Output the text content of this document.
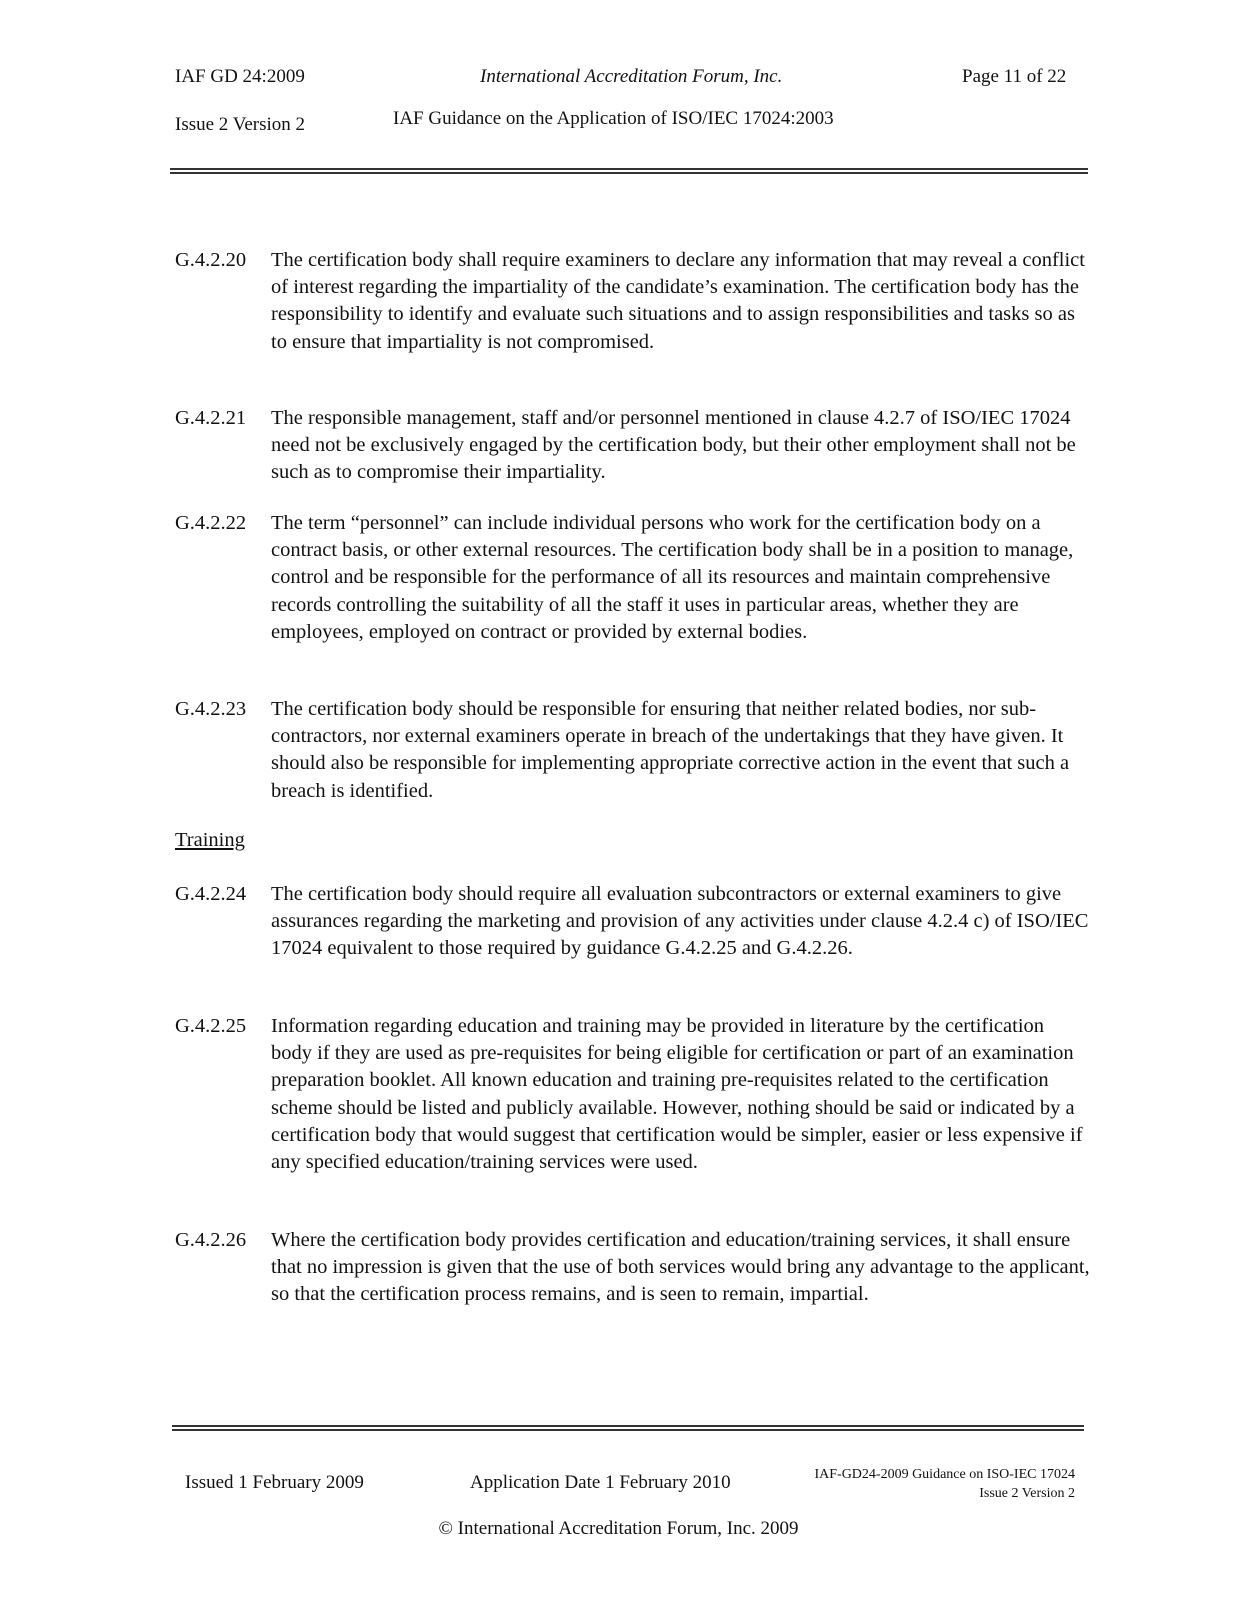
IAF GD 24:2009	International Accreditation Forum, Inc.	Page 11 of 22
Issue 2 Version 2	IAF Guidance on the Application of ISO/IEC 17024:2003
G.4.2.20	The certification body shall require examiners to declare any information that may reveal a conflict of interest regarding the impartiality of the candidate’s examination. The certification body has the responsibility to identify and evaluate such situations and to assign responsibilities and tasks so as to ensure that impartiality is not compromised.
G.4.2.21	The responsible management, staff and/or personnel mentioned in clause 4.2.7 of ISO/IEC 17024 need not be exclusively engaged by the certification body, but their other employment shall not be such as to compromise their impartiality.
G.4.2.22	The term “personnel” can include individual persons who work for the certification body on a contract basis, or other external resources. The certification body shall be in a position to manage, control and be responsible for the performance of all its resources and maintain comprehensive records controlling the suitability of all the staff it uses in particular areas, whether they are employees, employed on contract or provided by external bodies.
G.4.2.23	The certification body should be responsible for ensuring that neither related bodies, nor sub-contractors, nor external examiners operate in breach of the undertakings that they have given. It should also be responsible for implementing appropriate corrective action in the event that such a breach is identified.
Training
G.4.2.24	The certification body should require all evaluation subcontractors or external examiners to give assurances regarding the marketing and provision of any activities under clause 4.2.4 c) of ISO/IEC 17024 equivalent to those required by guidance G.4.2.25 and G.4.2.26.
G.4.2.25	Information regarding education and training may be provided in literature by the certification body if they are used as pre-requisites for being eligible for certification or part of an examination preparation booklet. All known education and training pre-requisites related to the certification scheme should be listed and publicly available. However, nothing should be said or indicated by a certification body that would suggest that certification would be simpler, easier or less expensive if any specified education/training services were used.
G.4.2.26	Where the certification body provides certification and education/training services, it shall ensure that no impression is given that the use of both services would bring any advantage to the applicant, so that the certification process remains, and is seen to remain, impartial.
Issued 1 February 2009	Application Date 1 February 2010	IAF-GD24-2009 Guidance on ISO-IEC 17024
Issue 2 Version 2
© International Accreditation Forum, Inc. 2009
